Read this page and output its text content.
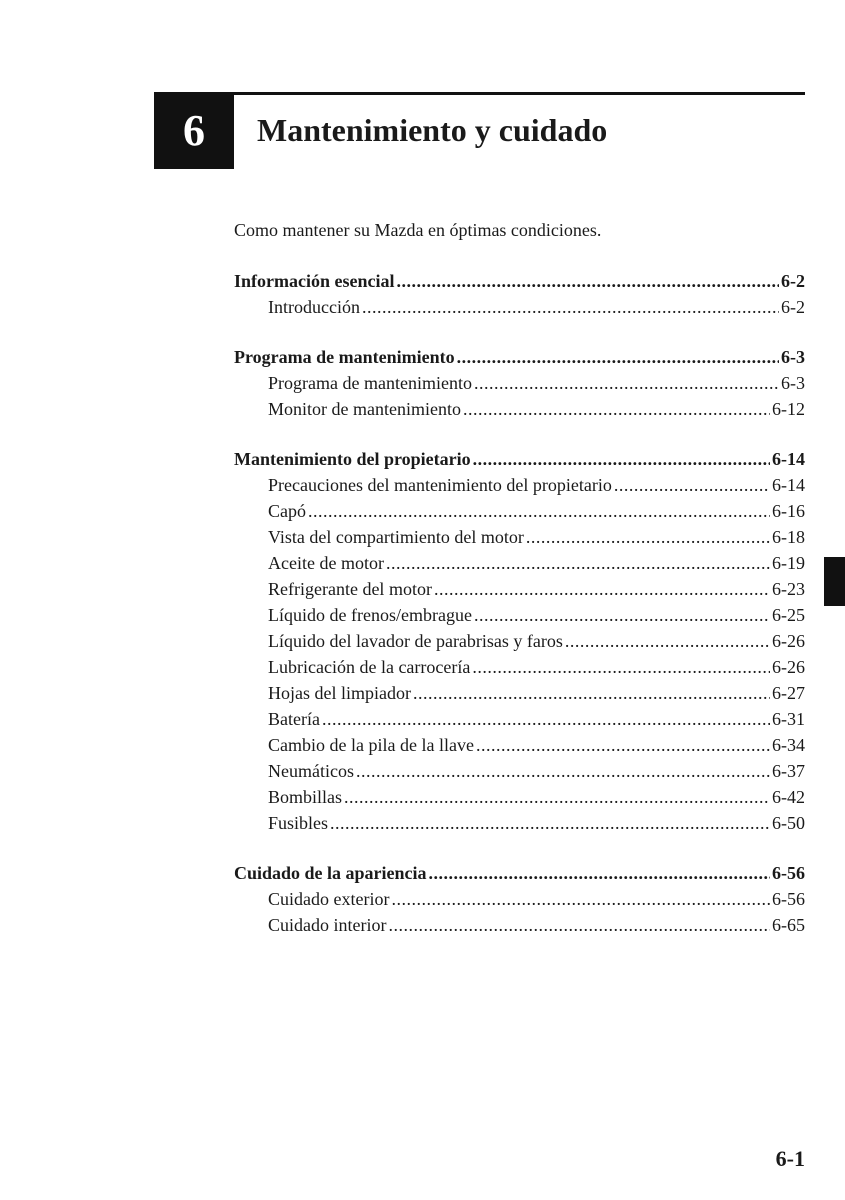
6 Mantenimiento y cuidado
Como mantener su Mazda en óptimas condiciones.
Información esencial .....	6-2
Introducción .....	6-2
Programa de mantenimiento .....	6-3
Programa de mantenimiento .....	6-3
Monitor de mantenimiento .....	6-12
Mantenimiento del propietario .....	6-14
Precauciones del mantenimiento del propietario .....	6-14
Capó .....	6-16
Vista del compartimiento del motor .....	6-18
Aceite de motor .....	6-19
Refrigerante del motor .....	6-23
Líquido de frenos/embrague .....	6-25
Líquido del lavador de parabrisas y faros .....	6-26
Lubricación de la carrocería .....	6-26
Hojas del limpiador .....	6-27
Batería .....	6-31
Cambio de la pila de la llave .....	6-34
Neumáticos .....	6-37
Bombillas .....	6-42
Fusibles .....	6-50
Cuidado de la apariencia .....	6-56
Cuidado exterior .....	6-56
Cuidado interior .....	6-65
6-1
